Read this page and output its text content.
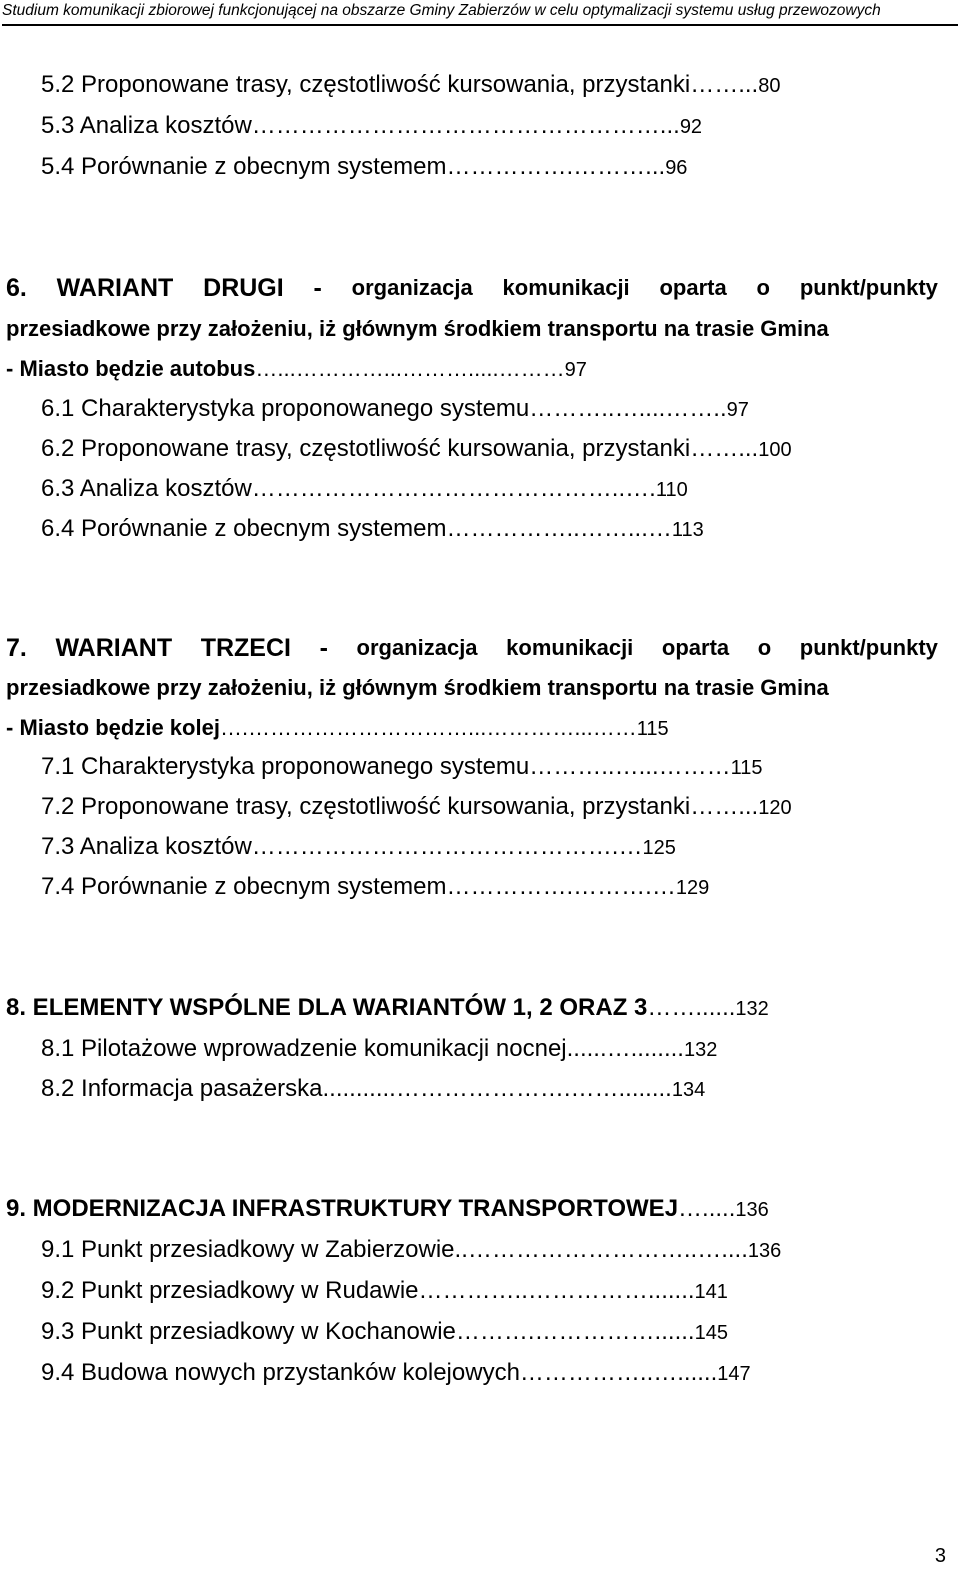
Studium komunikacji zbiorowej funkcjonującej na obszarze Gminy Zabierzów w celu optymalizacji systemu usług przewozowych
5.2 Proponowane trasy, częstotliwość kursowania, przystanki……...80
5.3 Analiza kosztów……………………………………………...92
5.4 Porównanie z obecnym systemem…………….………...96
6. WARIANT DRUGI - organizacja komunikacji oparta o punkt/punkty
przesiadkowe przy założeniu, iż głównym środkiem transportu na trasie Gmina
- Miasto będzie autobus…...…………...……….....………97
6.1 Charakterystyka proponowanego systemu………..…....……..97
6.2 Proponowane trasy, częstotliwość kursowania, przystanki……...100
6.3 Analiza kosztów………………………………………..….110
6.4 Porównanie z obecnym systemem……………..……...…113
7. WARIANT TRZECI - organizacja komunikacji oparta o punkt/punkty
przesiadkowe przy założeniu, iż głównym środkiem transportu na trasie Gmina
- Miasto będzie kolej….…………………………...…………...……115
7.1 Charakterystyka proponowanego systemu………..…...………115
7.2 Proponowane trasy, częstotliwość kursowania, przystanki……...120
7.3 Analiza kosztów……………………………………….…125
7.4 Porównanie z obecnym systemem…………….……….…129
8. ELEMENTY WSPÓLNE DLA WARIANTÓW 1, 2 ORAZ 3……......132
8.1 Pilotażowe wprowadzenie komunikacji nocnej......…........132
8.2 Informacja pasażerska...........………………….……........134
9. MODERNIZACJA INFRASTRUKTURY TRANSPORTOWEJ….....136
9.1 Punkt przesiadkowy w Zabierzowie..………………………..…....136
9.2 Punkt przesiadkowy w Rudawie…………..…………….......141
9.3 Punkt przesiadkowy w Kochanowie……….……………......145
9.4 Budowa nowych przystanków kolejowych……………..…......147
3
